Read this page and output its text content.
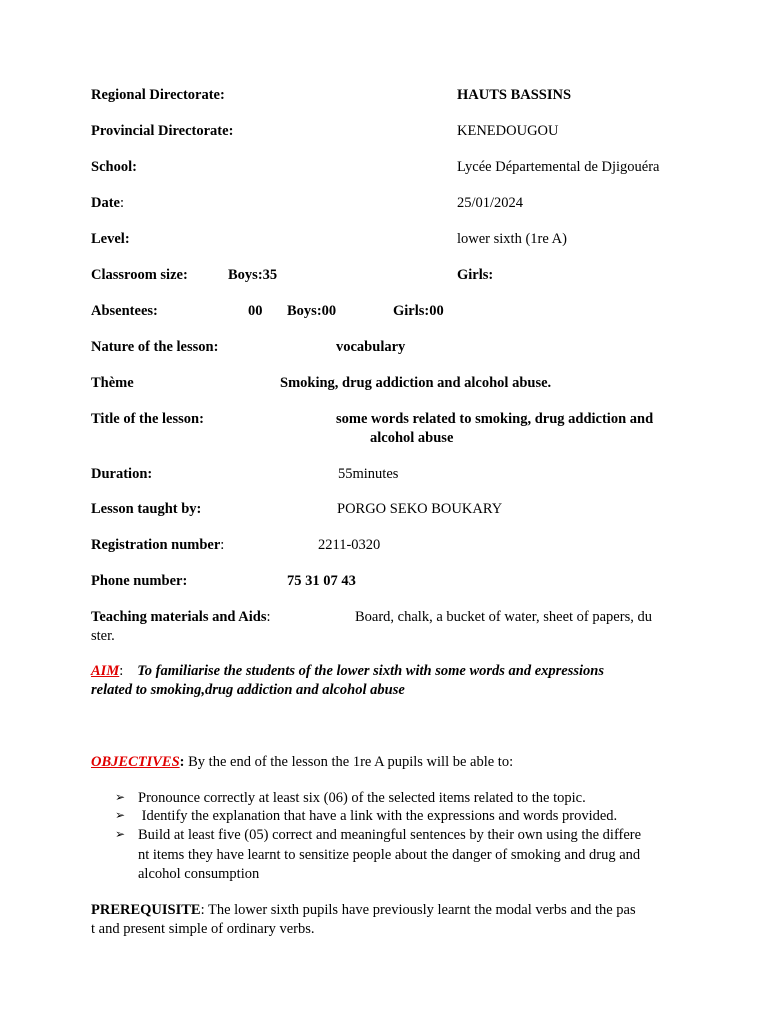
Regional Directorate:	HAUTS BASSINS
Provincial Directorate:	KENEDOUGOU
School:	Lycée Départemental de Djigouéra
Date:	25/01/2024
Level:	lower sixth (1re A)
Classroom size:	Boys:35	Girls:
Absentees:	00 Boys:00	Girls:00
Nature of the lesson:	vocabulary
Thème	Smoking, drug addiction and alcohol abuse.
Title of the lesson:	some words related to smoking, drug addiction and
alcohol abuse
Duration:	55minutes
Lesson taught by:	PORGO SEKO BOUKARY
Registration number:	2211-0320
Phone number:	75 31 07 43
Teaching materials and Aids:	Board, chalk, a bucket of water, sheet of papers, du
ster.
AIM: To familiarise the students of the lower sixth with some words and expressions
related to smoking,drug addiction and alcohol abuse
OBJECTIVES: By the end of the lesson the 1re A pupils will be able to:
➢ Pronounce correctly at least six (06) of the selected items related to the topic.
➢ Identify the explanation that have a link with the expressions and words provided.
➢ Build at least five (05) correct and meaningful sentences by their own using the differe
nt items they have learnt to sensitize people about the danger of smoking and drug and
alcohol consumption
PREREQUISITE: The lower sixth pupils have previously learnt the modal verbs and the pas
t and present simple of ordinary verbs.
